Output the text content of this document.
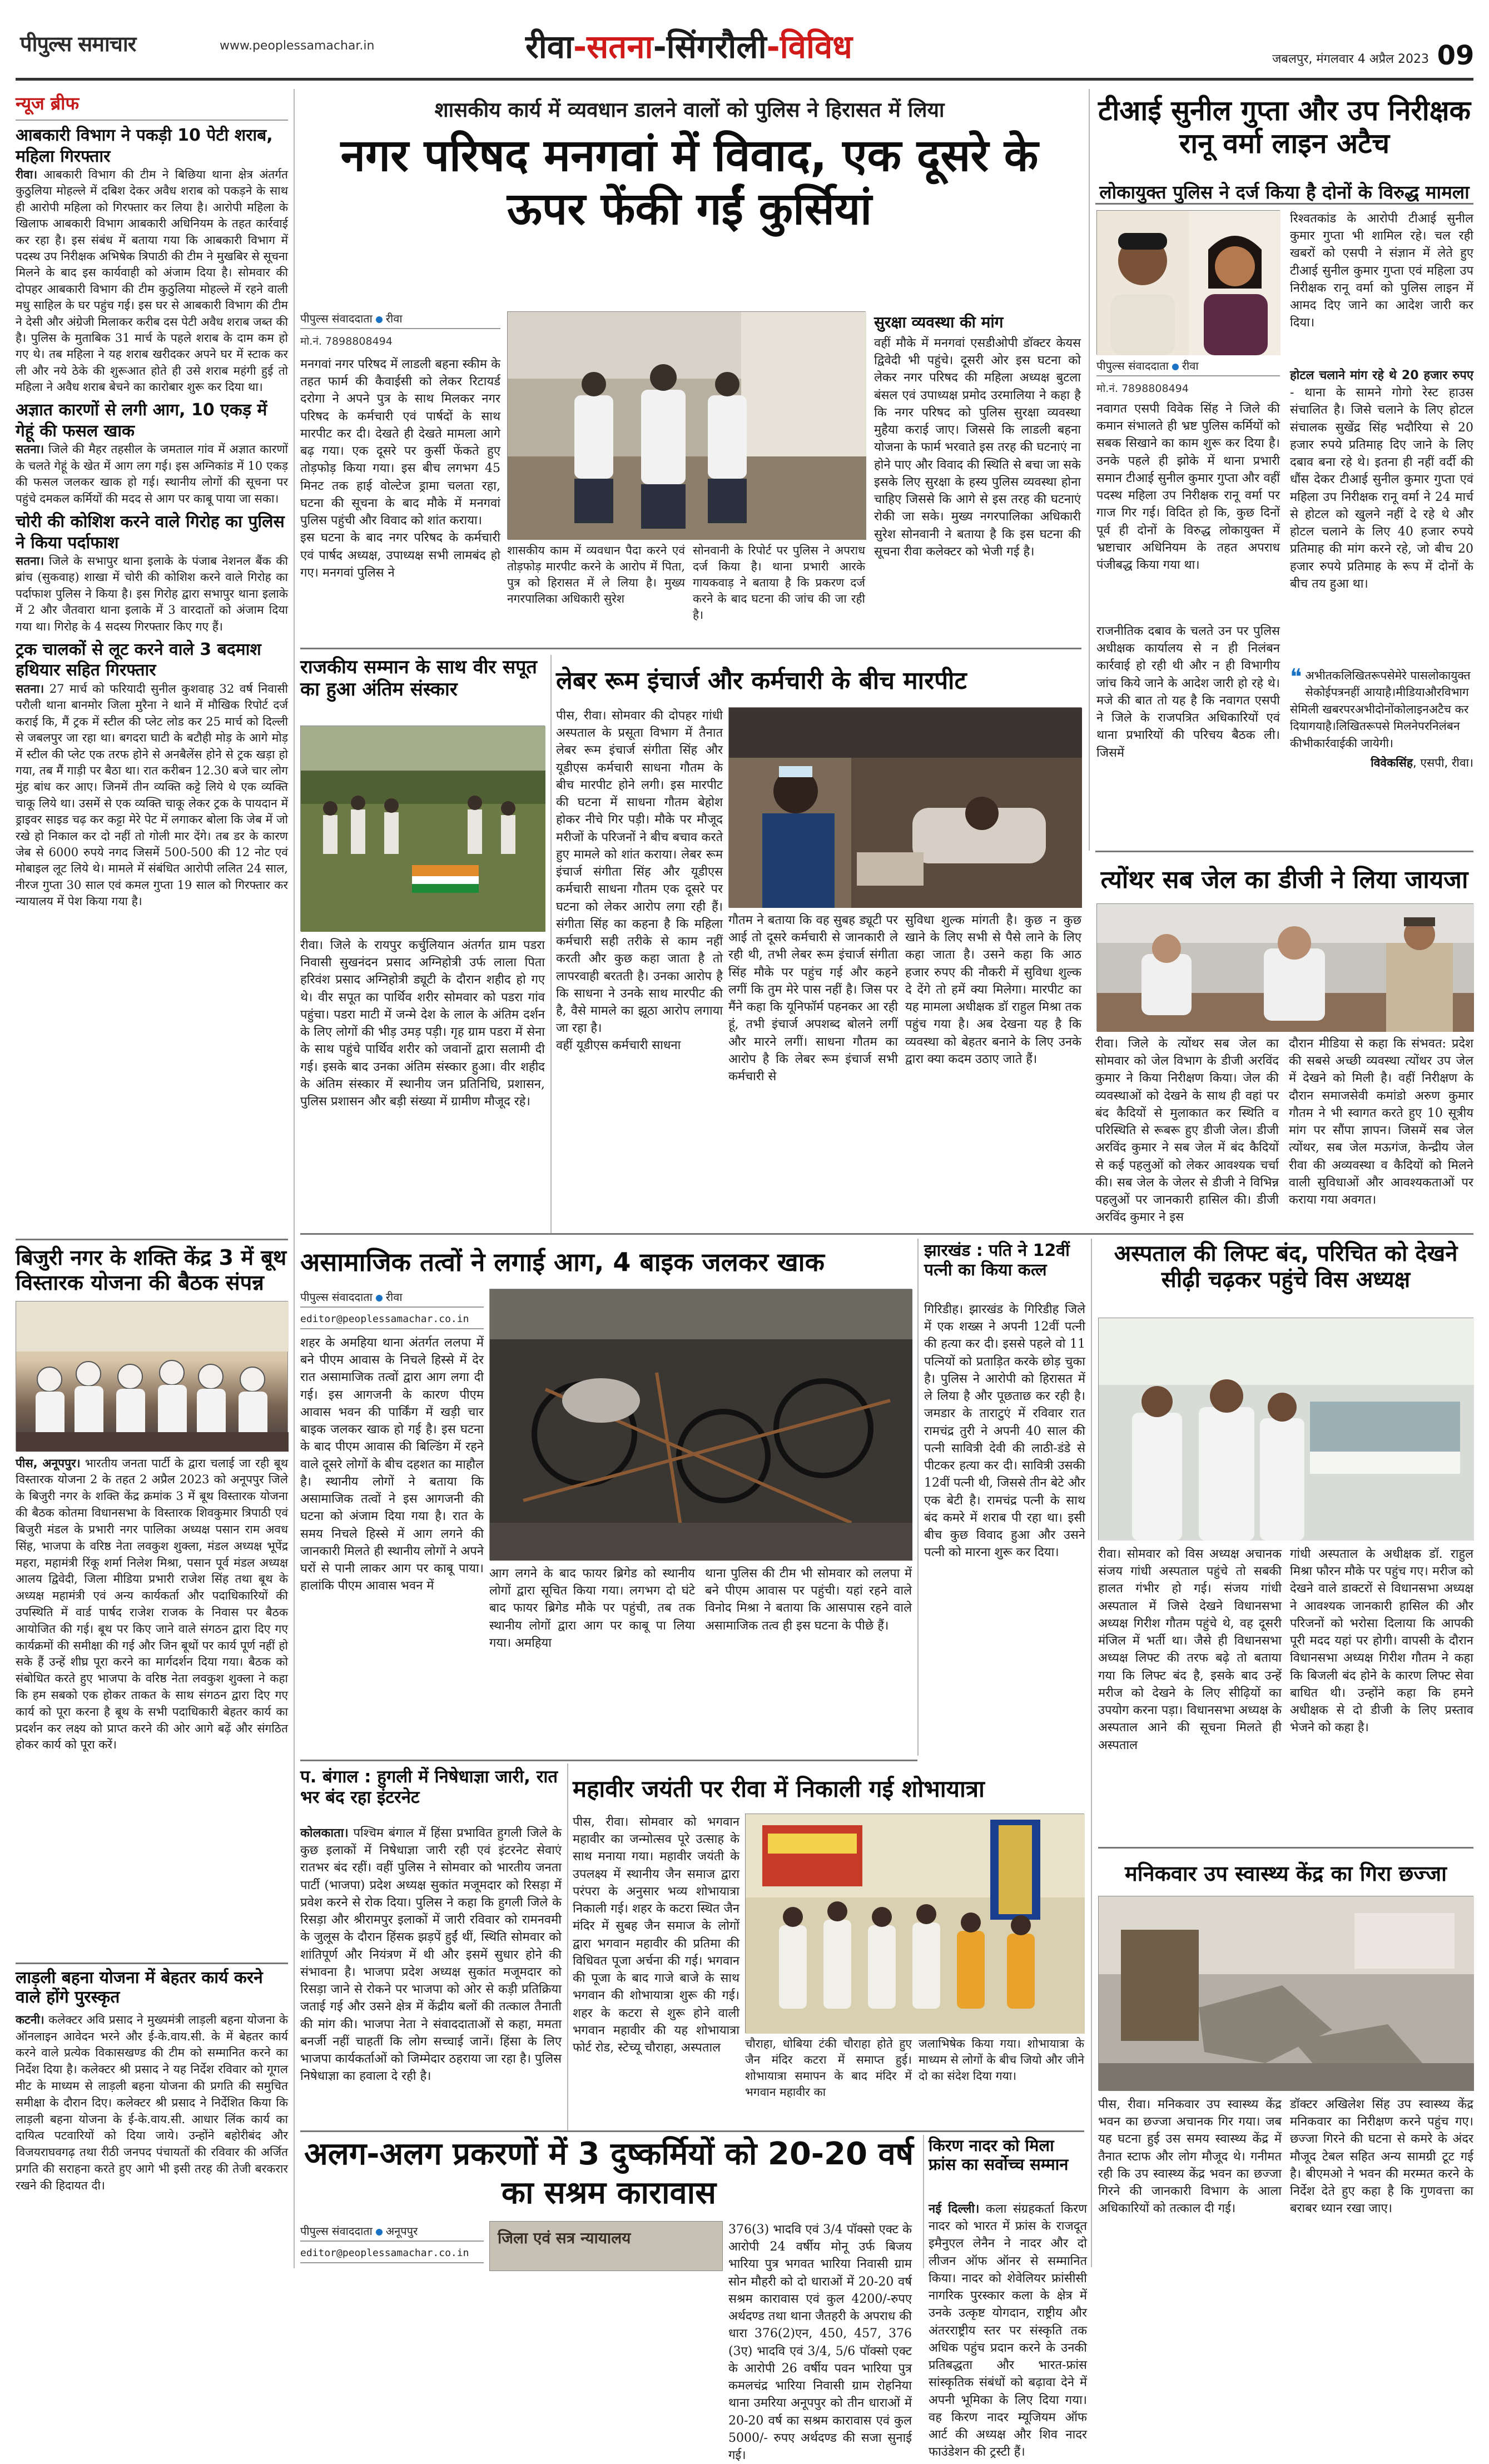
पीपुल्स समाचार	www.peoplessamachar.in	रीवा-सतना-सिंगरौली-विविध	जबलपुर, मंगलवार 4 अप्रैल 2023 09
न्यूज ब्रीफ
आबकारी विभाग ने पकड़ी 10 पेटी शराब, महिला गिरफ्तार
रीवा। आबकारी विभाग की टीम ने बिछिया थाना क्षेत्र अंतर्गत कुठुलिया मोहल्ले में दबिश देकर अवैध शराब को पकड़ने के साथ ही आरोपी महिला को गिरफ्तार कर लिया है। आरोपी महिला के खिलाफ आबकारी विभाग आबकारी अधिनियम के तहत कार्रवाई कर रहा है। इस संबंध में बताया गया कि आबकारी विभाग में पदस्थ उप निरीक्षक अभिषेक त्रिपाठी की टीम ने मुखबिर से सूचना मिलने के बाद इस कार्यवाही को अंजाम दिया है। सोमवार की दोपहर आबकारी विभाग की टीम कुठुलिया मोहल्ले में रहने वाली मधु साहिल के घर पहुंच गई। इस घर से आबकारी विभाग की टीम ने देसी और अंग्रेजी मिलाकर करीब दस पेटी अवैध शराब जब्त की है। पुलिस के मुताबिक 31 मार्च के पहले शराब के दाम कम हो गए थे। तब महिला ने यह शराब खरीदकर अपने घर में स्टाक कर ली और नये ठेके की शुरूआत होते ही उसे शराब महंगी हुई तो महिला ने अवैध शराब बेचने का कारोबार शुरू कर दिया था।
अज्ञात कारणों से लगी आग, 10 एकड़ में गेहूं की फसल खाक
सतना। जिले की मैहर तहसील के जमताल गांव में अज्ञात कारणों के चलते गेहूं के खेत में आग लग गई। इस अग्निकांड में 10 एकड़ की फसल जलकर खाक हो गई। स्थानीय लोगों की सूचना पर पहुंचे दमकल कर्मियों की मदद से आग पर काबू पाया जा सका।
चोरी की कोशिश करने वाले गिरोह का पुलिस ने किया पर्दाफाश
सतना। जिले के सभापुर थाना इलाके के पंजाब नेशनल बैंक की ब्रांच (सुकवाह) शाखा में चोरी की कोशिश करने वाले गिरोह का पर्दाफाश पुलिस ने किया है। इस गिरोह द्वारा सभापुर थाना इलाके में 2 और जैतवारा थाना इलाके में 3 वारदातों को अंजाम दिया गया था। गिरोह के 4 सदस्य गिरफ्तार किए गए हैं।
ट्रक चालकों से लूट करने वाले 3 बदमाश हथियार सहित गिरफ्तार
सतना। 27 मार्च को फरियादी सुनील कुशवाह 32 वर्ष निवासी परौली थाना बानमोर जिला मुरैना ने थाने में मौखिक रिपोर्ट दर्ज कराई कि, मैं ट्रक में स्टील की प्लेट लोड कर 25 मार्च को दिल्ली से जबलपुर जा रहा था। बगदरा घाटी के बटौही मोड़ के आगे मोड़ में स्टील की प्लेट एक तरफ होने से अनबैलेंस होने से ट्रक खड़ा हो गया, तब मैं गाड़ी पर बैठा था। रात करीबन 12.30 बजे चार लोग मुंह बांध कर आए। जिनमें तीन व्यक्ति कट्टे लिये थे एक व्यक्ति चाकू लिये था। उसमें से एक व्यक्ति चाकू लेकर ट्रक के पायदान में ड्राइवर साइड चढ़ कर कट्टा मेरे पेट में लगाकर बोला कि जेब में जो रखे हो निकाल कर दो नहीं तो गोली मार देंगे। तब डर के कारण जेब से 6000 रुपये नगद जिसमें 500-500 की 12 नोट एवं मोबाइल लूट लिये थे। मामले में संबंधित आरोपी ललित 24 साल, नीरज गुप्ता 30 साल एवं कमल गुप्ता 19 साल को गिरफ्तार कर न्यायालय में पेश किया गया है।
बिजुरी नगर के शक्ति केंद्र 3 में बूथ विस्तारक योजना की बैठक संपन्न
पीस, अनूपपुर। भारतीय जनता पार्टी के द्वारा चलाई जा रही बूथ विस्तारक योजना 2 के तहत 2 अप्रैल 2023 को अनूपपुर जिले के बिजुरी नगर के शक्ति केंद्र क्रमांक 3 में बूथ विस्तारक योजना की बैठक कोतमा विधानसभा के विस्तारक शिवकुमार त्रिपाठी एवं बिजुरी मंडल के प्रभारी नगर पालिका अध्यक्ष पसान राम अवध सिंह, भाजपा के वरिष्ठ नेता लवकुश शुक्ला, मंडल अध्यक्ष भूपेंद्र महरा, महामंत्री रिंकू शर्मा निलेश मिश्रा, पसान पूर्व मंडल अध्यक्ष आलय द्विवेदी, जिला मीडिया प्रभारी राजेश सिंह तथा बूथ के अध्यक्ष महामंत्री एवं अन्य कार्यकर्ता और पदाधिकारियों की उपस्थिति में वार्ड पार्षद राजेश राजक के निवास पर बैठक आयोजित की गई। बूथ पर किए जाने वाले संगठन द्वारा दिए गए कार्यक्रमों की समीक्षा की गई और जिन बूथों पर कार्य पूर्ण नहीं हो सके हैं उन्हें शीघ्र पूरा करने का मार्गदर्शन दिया गया। बैठक को संबोधित करते हुए भाजपा के वरिष्ठ नेता लवकुश शुक्ला ने कहा कि हम सबको एक होकर ताकत के साथ संगठन द्वारा दिए गए कार्य को पूरा करना है बूथ के सभी पदाधिकारी बेहतर कार्य का प्रदर्शन कर लक्ष्य को प्राप्त करने की ओर आगे बढ़ें और संगठित होकर कार्य को पूरा करें।
लाड़ली बहना योजना में बेहतर कार्य करने वाले होंगे पुरस्कृत
कटनी। कलेक्टर अवि प्रसाद ने मुख्यमंत्री लाड़ली बहना योजना के ऑनलाइन आवेदन भरने और ई-के.वाय.सी. के में बेहतर कार्य करने वाले प्रत्येक विकासखण्ड की टीम को सम्मानित करने का निर्देश दिया है। कलेक्टर श्री प्रसाद ने यह निर्देश रविवार को गूगल मीट के माध्यम से लाड़ली बहना योजना की प्रगति की समुचित समीक्षा के दौरान दिए। कलेक्टर श्री प्रसाद ने निर्देशित किया कि लाड़ली बहना योजना के ई-के.वाय.सी. आधार लिंक कार्य का दायित्व पटवारियों को दिया जाये। उन्होंने बहोरीबंद और विजयराघवगढ़ तथा रीठी जनपद पंचायतों की रविवार की अर्जित प्रगति की सराहना करते हुए आगे भी इसी तरह की तेजी बरकरार रखने की हिदायत दी।
शासकीय कार्य में व्यवधान डालने वालों को पुलिस ने हिरासत में लिया
नगर परिषद मनगवां में विवाद, एक दूसरे के ऊपर फेंकी गईं कुर्सियां
पीपुल्स संवाददाता रीवा
मो.नं. 7898808494
मनगवां नगर परिषद में लाडली बहना स्कीम के तहत फार्म की कैवाईसी को लेकर रिटायर्ड दरोगा ने अपने पुत्र के साथ मिलकर नगर परिषद के कर्मचारी एवं पार्षदों के साथ मारपीट कर दी। देखते ही देखते मामला आगे बढ़ गया। एक दूसरे पर कुर्सी फेंकते हुए तोड़फोड़ किया गया। इस बीच लगभग 45 मिनट तक हाई वोल्टेज ड्रामा चलता रहा, घटना की सूचना के बाद मौके में मनगवां पुलिस पहुंची और विवाद को शांत कराया।
इस घटना के बाद नगर परिषद के कर्मचारी एवं पार्षद अध्यक्ष, उपाध्यक्ष सभी लामबंद हो गए। मनगवां पुलिस ने
शासकीय काम में व्यवधान पैदा करने एवं तोड़फोड़ मारपीट करने के आरोप में पिता, पुत्र को हिरासत में ले लिया है। मुख्य नगरपालिका अधिकारी सुरेश
सोनवानी के रिपोर्ट पर पुलिस ने अपराध दर्ज किया है। थाना प्रभारी आरके गायकवाड़ ने बताया है कि प्रकरण दर्ज करने के बाद घटना की जांच की जा रही है।
सुरक्षा व्यवस्था की मांग
वहीं मौके में मनगवां एसडीओपी डॉक्टर केयस द्विवेदी भी पहुंचे। दूसरी ओर इस घटना को लेकर नगर परिषद की महिला अध्यक्ष बुटला बंसल एवं उपाध्यक्ष प्रमोद उरमालिया ने कहा है कि नगर परिषद को पुलिस सुरक्षा व्यवस्था मुहैया कराई जाए। जिससे कि लाडली बहना योजना के फार्म भरवाते इस तरह की घटनाएं ना होने पाए और विवाद की स्थिति से बचा जा सके इसके लिए सुरक्षा के हस्य पुलिस व्यवस्था होना चाहिए जिससे कि आगे से इस तरह की घटनाएं रोकी जा सके। मुख्य नगरपालिका अधिकारी सुरेश सोनवानी ने बताया है कि इस घटना की सूचना रीवा कलेक्टर को भेजी गई है।
टीआई सुनील गुप्ता और उप निरीक्षक रानू वर्मा लाइन अटैच
लोकायुक्त पुलिस ने दर्ज किया है दोनों के विरुद्ध मामला
पीपुल्स संवाददाता रीवा
मो.नं. 7898808494
रिश्वतकांड के आरोपी टीआई सुनील कुमार गुप्ता भी शामिल रहे। चल रही खबरों को एसपी ने संज्ञान में लेते हुए टीआई सुनील कुमार गुप्ता एवं महिला उप निरीक्षक रानू वर्मा को पुलिस लाइन में आमद दिए जाने का आदेश जारी कर दिया।
होटल चलाने मांग रहे थे 20 हजार रुपए - थाना के सामने गोगो रेस्ट हाउस संचालित है। जिसे चलाने के लिए होटल संचालक सुखेंद्र सिंह भदौरिया से 20 हजार रुपये प्रतिमाह दिए जाने के लिए दबाव बना रहे थे। इतना ही नहीं वर्दी की धौंस देकर टीआई सुनील कुमार गुप्ता एवं महिला उप निरीक्षक रानू वर्मा ने 24 मार्च से होटल को खुलने नहीं दे रहे थे और होटल चलाने के लिए 40 हजार रुपये प्रतिमाह की मांग करने रहे, जो बीच 20 हजार रुपये प्रतिमाह के रूप में दोनों के बीच तय हुआ था।
नवागत एसपी विवेक सिंह ने जिले की कमान संभालते ही भ्रष्ट पुलिस कर्मियों को सबक सिखाने का काम शुरू कर दिया है। उनके पहले ही झोके में थाना प्रभारी समान टीआई सुनील कुमार गुप्ता और वहीं पदस्थ महिला उप निरीक्षक रानू वर्मा पर गाज गिर गई। विदित हो कि, कुछ दिनों पूर्व ही दोनों के विरुद्ध लोकायुक्त में भ्रष्टाचार अधिनियम के तहत अपराध पंजीबद्ध किया गया था।
राजनीतिक दबाव के चलते उन पर पुलिस अधीक्षक कार्यालय से न ही निलंबन कार्रवाई हो रही थी और न ही विभागीय जांच किये जाने के आदेश जारी हो रहे थे। मजे की बात तो यह है कि नवागत एसपी ने जिले के राजपत्रित अधिकारियों एवं थाना प्रभारियों की परिचय बैठक ली। जिसमें
❝ अभीतकलिखितरूपसेमेरे पासलोकायुक्तसेकोईपत्रनहीं आयाहै।मीडियाऔरविभागसेमिली खबरपरअभीदोनोंकोलाइनअटैच करदियागयाहै।लिखितरूपसे मिलनेपरनिलंबनकीभीकार्रवाईकी जायेगी।
विवेकसिंह, एसपी, रीवा।
राजकीय सम्मान के साथ वीर सपूत का हुआ अंतिम संस्कार
रीवा। जिले के रायपुर कर्चुलियान अंतर्गत ग्राम पडरा निवासी सुखनंदन प्रसाद अग्निहोत्री उर्फ लाला पिता हरिवंश प्रसाद अग्निहोत्री ड्यूटी के दौरान शहीद हो गए थे। वीर सपूत का पार्थिव शरीर सोमवार को पडरा गांव पहुंचा। पडरा माटी में जन्मे देश के लाल के अंतिम दर्शन के लिए लोगों की भीड़ उमड़ पड़ी। गृह ग्राम पडरा में सेना के साथ पहुंचे पार्थिव शरीर को जवानों द्वारा सलामी दी गई। इसके बाद उनका अंतिम संस्कार हुआ। वीर शहीद के अंतिम संस्कार में स्थानीय जन प्रतिनिधि, प्रशासन, पुलिस प्रशासन और बड़ी संख्या में ग्रामीण मौजूद रहे।
लेबर रूम इंचार्ज और कर्मचारी के बीच मारपीट
पीस, रीवा। सोमवार की दोपहर गांधी अस्पताल के प्रसूता विभाग में तैनात लेबर रूम इंचार्ज संगीता सिंह और यूडीएस कर्मचारी साधना गौतम के बीच मारपीट होने लगी। इस मारपीट की घटना में साधना गौतम बेहोश होकर नीचे गिर पड़ी। मौके पर मौजूद मरीजों के परिजनों ने बीच बचाव करते हुए मामले को शांत कराया। लेबर रूम इंचार्ज संगीता सिंह और यूडीएस कर्मचारी साधना गौतम एक दूसरे पर घटना को लेकर आरोप लगा रही हैं। संगीता सिंह का कहना है कि महिला कर्मचारी सही तरीके से काम नहीं करती और कुछ कहा जाता है तो लापरवाही बरतती है। उनका आरोप है कि साधना ने उनके साथ मारपीट की है, वैसे मामले का झूठा आरोप लगाया जा रहा है।
वहीं यूडीएस कर्मचारी साधना
गौतम ने बताया कि वह सुबह ड्यूटी पर आई तो दूसरे कर्मचारी से जानकारी ले रही थी, तभी लेबर रूम इंचार्ज संगीता सिंह मौके पर पहुंच गई और कहने लगीं कि तुम मेरे पास नहीं है। जिस पर मैंने कहा कि यूनिफॉर्म पहनकर आ रही हूं, तभी इंचार्ज अपशब्द बोलने लगीं और मारने लगीं। साधना गौतम का आरोप है कि लेबर रूम इंचार्ज सभी कर्मचारी से
सुविधा शुल्क मांगती है। कुछ न कुछ खाने के लिए सभी से पैसे लाने के लिए कहा जाता है। उसने कहा कि आठ हजार रुपए की नौकरी में सुविधा शुल्क दे देंगे तो हमें क्या मिलेगा। मारपीट का यह मामला अधीक्षक डॉ राहुल मिश्रा तक पहुंच गया है। अब देखना यह है कि व्यवस्था को बेहतर बनाने के लिए उनके द्वारा क्या कदम उठाए जाते हैं।
त्योंथर सब जेल का डीजी ने लिया जायजा
रीवा। जिले के त्योंथर सब जेल का सोमवार को जेल विभाग के डीजी अरविंद कुमार ने किया निरीक्षण किया। जेल की व्यवस्थाओं को देखने के साथ ही वहां पर बंद कैदियों से मुलाकात कर स्थिति व परिस्थिति से रूबरू हुए डीजी जेल। डीजी अरविंद कुमार ने सब जेल में बंद कैदियों से कई पहलुओं को लेकर आवश्यक चर्चा की। सब जेल के जेलर से डीजी ने विभिन्न पहलुओं पर जानकारी हासिल की। डीजी अरविंद कुमार ने इस
दौरान मीडिया से कहा कि संभवत: प्रदेश की सबसे अच्छी व्यवस्था त्योंथर उप जेल में देखने को मिली है। वहीं निरीक्षण के दौरान समाजसेवी कमांडो अरुण कुमार गौतम ने भी स्वागत करते हुए 10 सूत्रीय मांग पर सौंपा ज्ञापन। जिसमें सब जेल त्योंथर, सब जेल मऊगंज, केन्द्रीय जेल रीवा की अव्यवस्था व कैदियों को मिलने वाली सुविधाओं और आवश्यकताओं पर कराया गया अवगत।
असामाजिक तत्वों ने लगाई आग, 4 बाइक जलकर खाक
पीपुल्स संवाददाता रीवा
editor@peoplessamachar.co.in
शहर के अमहिया थाना अंतर्गत ललपा में बने पीएम आवास के निचले हिस्से में देर रात असामाजिक तत्वों द्वारा आग लगा दी गई। इस आगजनी के कारण पीएम आवास भवन की पार्किंग में खड़ी चार बाइक जलकर खाक हो गई है। इस घटना के बाद पीएम आवास की बिल्डिंग में रहने वाले दूसरे लोगों के बीच दहशत का माहौल है। स्थानीय लोगों ने बताया कि असामाजिक तत्वों ने इस आगजनी की घटना को अंजाम दिया गया है। रात के समय निचले हिस्से में आग लगने की जानकारी मिलते ही स्थानीय लोगों ने अपने घरों से पानी लाकर आग पर काबू पाया। हालांकि पीएम आवास भवन में
आग लगने के बाद फायर ब्रिगेड को स्थानीय लोगों द्वारा सूचित किया गया। लगभग दो घंटे बाद फायर ब्रिगेड मौके पर पहुंची, तब तक स्थानीय लोगों द्वारा आग पर काबू पा लिया गया। अमहिया
थाना पुलिस की टीम भी सोमवार को ललपा में बने पीएम आवास पर पहुंची। यहां रहने वाले विनोद मिश्रा ने बताया कि आसपास रहने वाले असामाजिक तत्व ही इस घटना के पीछे हैं।
झारखंड : पति ने 12वीं पत्नी का किया कत्ल
गिरिडीह। झारखंड के गिरिडीह जिले में एक शख्स ने अपनी 12वीं पत्नी की हत्या कर दी। इससे पहले वो 11 पत्नियों को प्रताड़ित करके छोड़ चुका है। पुलिस ने आरोपी को हिरासत में ले लिया है और पूछताछ कर रही है। जमडार के ताराटुएं में रविवार रात रामचंद्र तुरी ने अपनी 40 साल की पत्नी सावित्री देवी की लाठी-डंडे से पीटकर हत्या कर दी। सावित्री उसकी 12वीं पत्नी थी, जिससे तीन बेटे और एक बेटी है। रामचंद्र पत्नी के साथ बंद कमरे में शराब पी रहा था। इसी बीच कुछ विवाद हुआ और उसने पत्नी को मारना शुरू कर दिया।
अस्पताल की लिफ्ट बंद, परिचित को देखने सीढ़ी चढ़कर पहुंचे विस अध्यक्ष
रीवा। सोमवार को विस अध्यक्ष अचानक संजय गांधी अस्पताल पहुंचे तो सबकी हालत गंभीर हो गई। संजय गांधी अस्पताल में जिसे देखने विधानसभा अध्यक्ष गिरीश गौतम पहुंचे थे, वह दूसरी मंजिल में भर्ती था। जैसे ही विधानसभा अध्यक्ष लिफ्ट की तरफ बढ़े तो बताया गया कि लिफ्ट बंद है, इसके बाद उन्हें मरीज को देखने के लिए सीढ़ियों का उपयोग करना पड़ा। विधानसभा अध्यक्ष के अस्पताल आने की सूचना मिलते ही अस्पताल
गांधी अस्पताल के अधीक्षक डॉ. राहुल मिश्रा फौरन मौके पर पहुंच गए। मरीज को देखने वाले डाक्टरों से विधानसभा अध्यक्ष ने आवश्यक जानकारी हासिल की और परिजनों को भरोसा दिलाया कि आपकी पूरी मदद यहां पर होगी। वापसी के दौरान विधानसभा अध्यक्ष गिरीश गौतम ने कहा कि बिजली बंद होने के कारण लिफ्ट सेवा बाधित थी। उन्होंने कहा कि हमने अधीक्षक से दो डीजी के लिए प्रस्ताव भेजने को कहा है।
प. बंगाल : हुगली में निषेधाज्ञा जारी, रात भर बंद रहा इंटरनेट
कोलकाता। पश्चिम बंगाल में हिंसा प्रभावित हुगली जिले के कुछ इलाकों में निषेधाज्ञा जारी रही एवं इंटरनेट सेवाएं रातभर बंद रहीं। वहीं पुलिस ने सोमवार को भारतीय जनता पार्टी (भाजपा) प्रदेश अध्यक्ष सुकांत मजूमदार को रिसड़ा में प्रवेश करने से रोक दिया। पुलिस ने कहा कि हुगली जिले के रिसड़ा और श्रीरामपुर इलाकों में जारी रविवार को रामनवमी के जुलूस के दौरान हिंसक झड़पें हुईं थीं, स्थिति सोमवार को शांतिपूर्ण और नियंत्रण में थी और इसमें सुधार होने की संभावना है। भाजपा प्रदेश अध्यक्ष सुकांत मजूमदार को रिसड़ा जाने से रोकने पर भाजपा को ओर से कड़ी प्रतिक्रिया जताई गई और उसने क्षेत्र में केंद्रीय बलों की तत्काल तैनाती की मांग की। भाजपा नेता ने संवाददाताओं से कहा, ममता बनर्जी नहीं चाहतीं कि लोग सच्चाई जानें। हिंसा के लिए भाजपा कार्यकर्ताओं को जिम्मेदार ठहराया जा रहा है। पुलिस निषेधाज्ञा का हवाला दे रही है।
महावीर जयंती पर रीवा में निकाली गई शोभायात्रा
पीस, रीवा। सोमवार को भगवान महावीर का जन्मोत्सव पूरे उत्साह के साथ मनाया गया। महावीर जयंती के उपलक्ष्य में स्थानीय जैन समाज द्वारा परंपरा के अनुसार भव्य शोभायात्रा निकाली गई। शहर के कटरा स्थित जैन मंदिर में सुबह जैन समाज के लोगों द्वारा भगवान महावीर की प्रतिमा की विधिवत पूजा अर्चना की गई। भगवान की पूजा के बाद गाजे बाजे के साथ भगवान की शोभायात्रा शुरू की गई। शहर के कटरा से शुरू होने वाली भगवान महावीर की यह शोभायात्रा फोर्ट रोड, स्टेच्यू चौराहा, अस्पताल	चौराहा, धोबिया टंकी चौराहा होते हुए जैन मंदिर कटरा में समाप्त हुई। शोभायात्रा समापन के बाद मंदिर में भगवान महावीर का
जलाभिषेक किया गया। शोभायात्रा के माध्यम से लोगों के बीच जियो और जीने दो का संदेश दिया गया।
मनिकवार उप स्वास्थ्य केंद्र का गिरा छज्जा
पीस, रीवा। मनिकवार उप स्वास्थ्य केंद्र भवन का छज्जा अचानक गिर गया। जब यह घटना हुई उस समय स्वास्थ्य केंद्र में तैनात स्टाफ और लोग मौजूद थे। गनीमत रही कि उप स्वास्थ्य केंद्र भवन का छज्जा गिरने की जानकारी विभाग के आला अधिकारियों को तत्काल दी गई।
डॉक्टर अखिलेश सिंह उप स्वास्थ्य केंद्र मनिकवार का निरीक्षण करने पहुंच गए। छज्जा गिरने की घटना से कमरे के अंदर मौजूद टेबल सहित अन्य सामग्री टूट गई है। बीएमओ ने भवन की मरम्मत करने के निर्देश देते हुए कहा है कि गुणवत्ता का बराबर ध्यान रखा जाए।
अलग-अलग प्रकरणों में 3 दुष्कर्मियों को 20-20 वर्ष का सश्रम कारावास
पीपुल्स संवाददाता अनूपपुर
editor@peoplessamachar.co.in
जिला एवं सत्र न्यायालय	376(3) भादवि एवं 3/4 पॉक्सो एक्ट के आरोपी 24 वर्षीय मोनू उर्फ बिजय भारिया पुत्र भगवत भारिया निवासी ग्राम सोन मौहरी को दो धाराओं में 20-20 वर्ष सश्रम कारावास एवं कुल 4200/-रुपए अर्थदण्ड तथा थाना जैतहरी के अपराध की धारा 376(2)एन, 450, 457, 376 (3ए) भादवि एवं 3/4, 5/6 पॉक्सो एक्ट के आरोपी 26 वर्षीय पवन भारिया पुत्र कमलचंद्र भारिया निवासी ग्राम रोहनिया थाना उमरिया अनूपपुर को तीन धाराओं में 20-20 वर्ष का सश्रम कारावास एवं कुल 5000/- रुपए अर्थदण्ड की सजा सुनाई गई।
किरण नादर को मिला फ्रांस का सर्वोच्च सम्मान
नई दिल्ली। कला संग्रहकर्ता किरण नादर को भारत में फ्रांस के राजदूत इमैनुएल लेनैन ने नादर और दो लीजन ऑफ ऑनर से सम्मानित किया। नादर को शेवेलियर फ्रांसीसी नागरिक पुरस्कार कला के क्षेत्र में उनके उत्कृष्ट योगदान, राष्ट्रीय और अंतरराष्ट्रीय स्तर पर संस्कृति तक अधिक पहुंच प्रदान करने के उनकी प्रतिबद्धता और भारत-फ्रांस सांस्कृतिक संबंधों को बढ़ावा देने में अपनी भूमिका के लिए दिया गया। वह किरण नादर म्यूजियम ऑफ आर्ट की अध्यक्ष और शिव नादर फाउंडेशन की ट्रस्टी हैं।
